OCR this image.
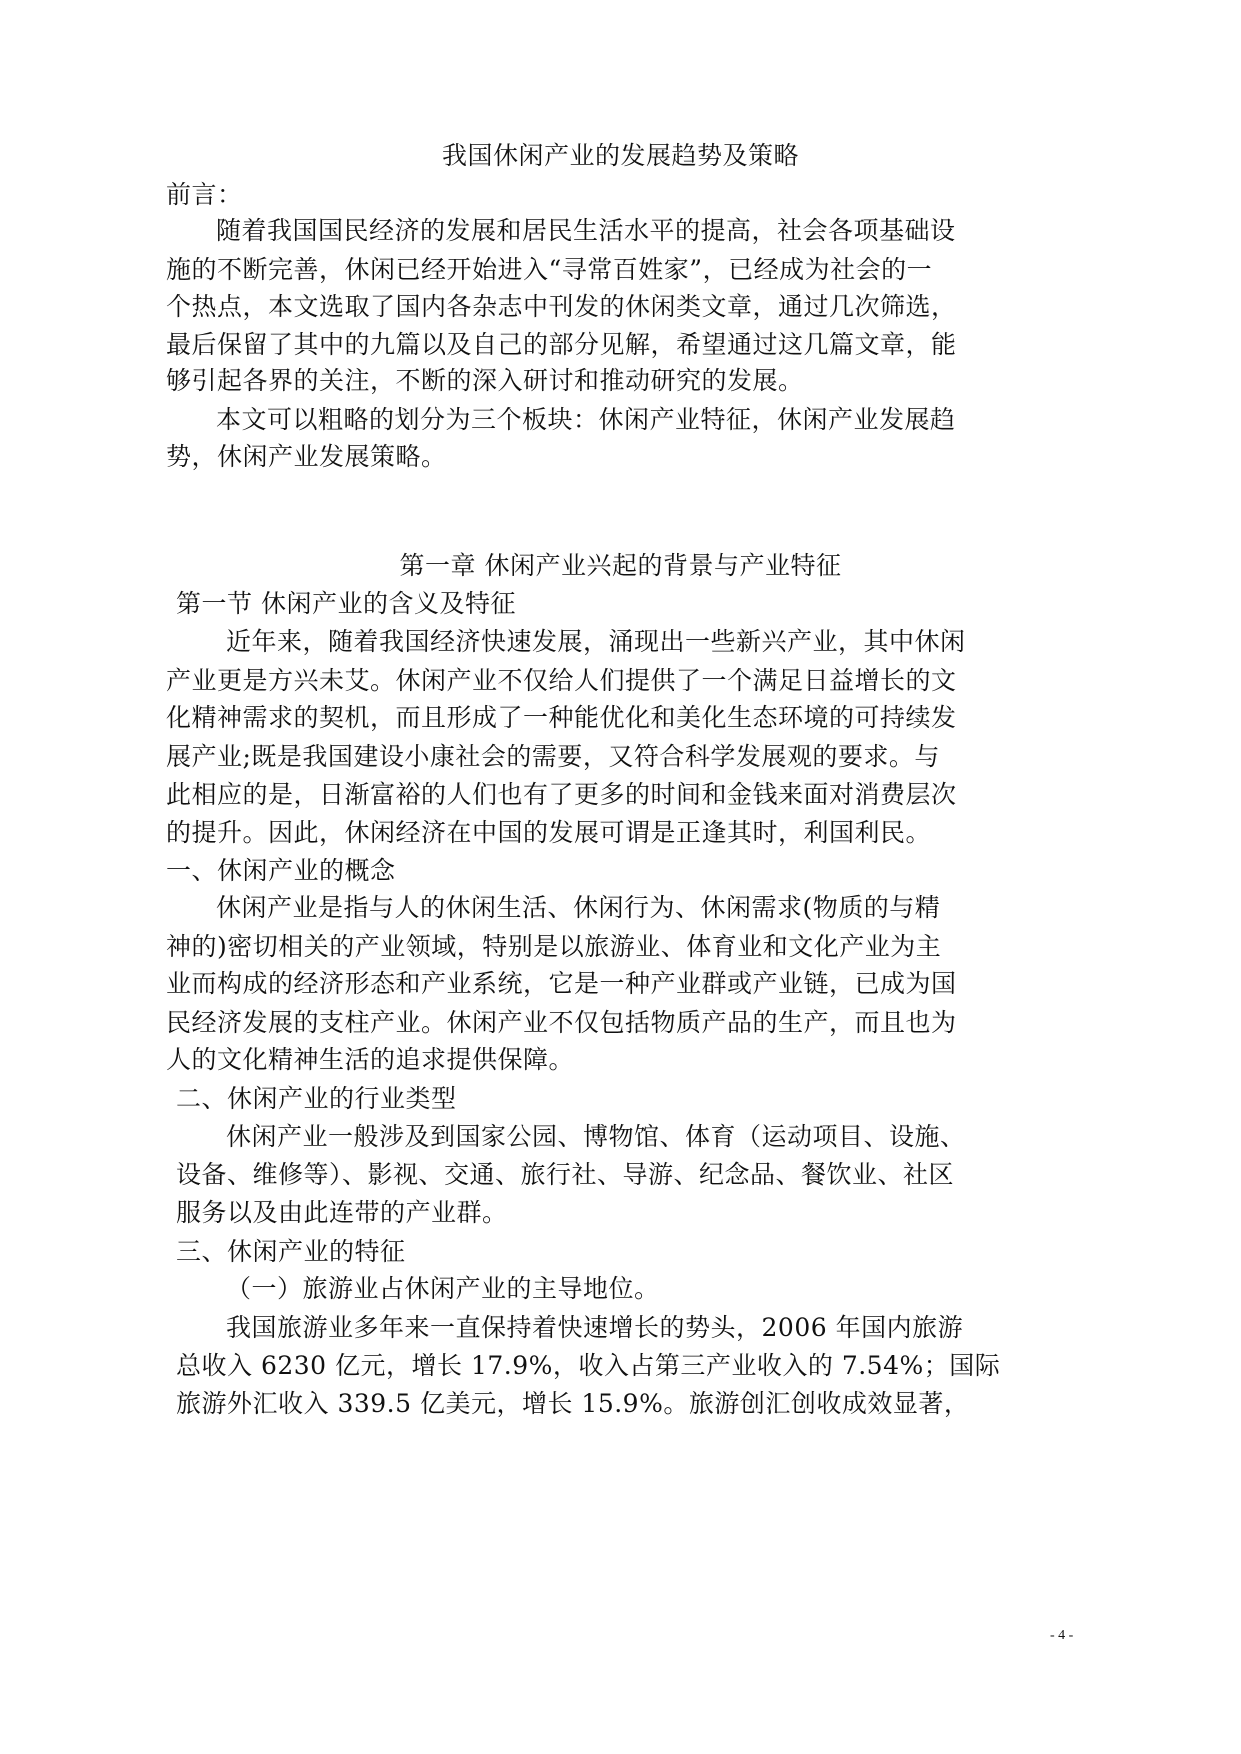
我国休闲产业的发展趋势及策略
前言：
随着我国国民经济的发展和居民生活水平的提高，社会各项基础设
施的不断完善，休闲已经开始进入“寻常百姓家”，已经成为社会的一
个热点，本文选取了国内各杂志中刊发的休闲类文章，通过几次筛选，
最后保留了其中的九篇以及自己的部分见解，希望通过这几篇文章，能
够引起各界的关注，不断的深入研讨和推动研究的发展。
本文可以粗略的划分为三个板块：休闲产业特征，休闲产业发展趋
势，休闲产业发展策略。
第一章 休闲产业兴起的背景与产业特征
第一节 休闲产业的含义及特征
近年来，随着我国经济快速发展，涌现出一些新兴产业，其中休闲
产业更是方兴未艾。休闲产业不仅给人们提供了一个满足日益增长的文
化精神需求的契机，而且形成了一种能优化和美化生态环境的可持续发
展产业;既是我国建设小康社会的需要，又符合科学发展观的要求。与
此相应的是，日渐富裕的人们也有了更多的时间和金钱来面对消费层次
的提升。因此，休闲经济在中国的发展可谓是正逢其时，利国利民。
一、休闲产业的概念
休闲产业是指与人的休闲生活、休闲行为、休闲需求(物质的与精
神的)密切相关的产业领域，特别是以旅游业、体育业和文化产业为主
业而构成的经济形态和产业系统，它是一种产业群或产业链，已成为国
民经济发展的支柱产业。休闲产业不仅包括物质产品的生产，而且也为
人的文化精神生活的追求提供保障。
二、休闲产业的行业类型
休闲产业一般涉及到国家公园、博物馆、体育（运动项目、设施、
设备、维修等）、影视、交通、旅行社、导游、纪念品、餐饮业、社区
服务以及由此连带的产业群。
三、休闲产业的特征
（一）旅游业占休闲产业的主导地位。
我国旅游业多年来一直保持着快速增长的势头，2006 年国内旅游
总收入 6230 亿元，增长 17.9%，收入占第三产业收入的 7.54%；国际
旅游外汇收入 339.5 亿美元，增长 15.9%。旅游创汇创收成效显著，
- 4 -
